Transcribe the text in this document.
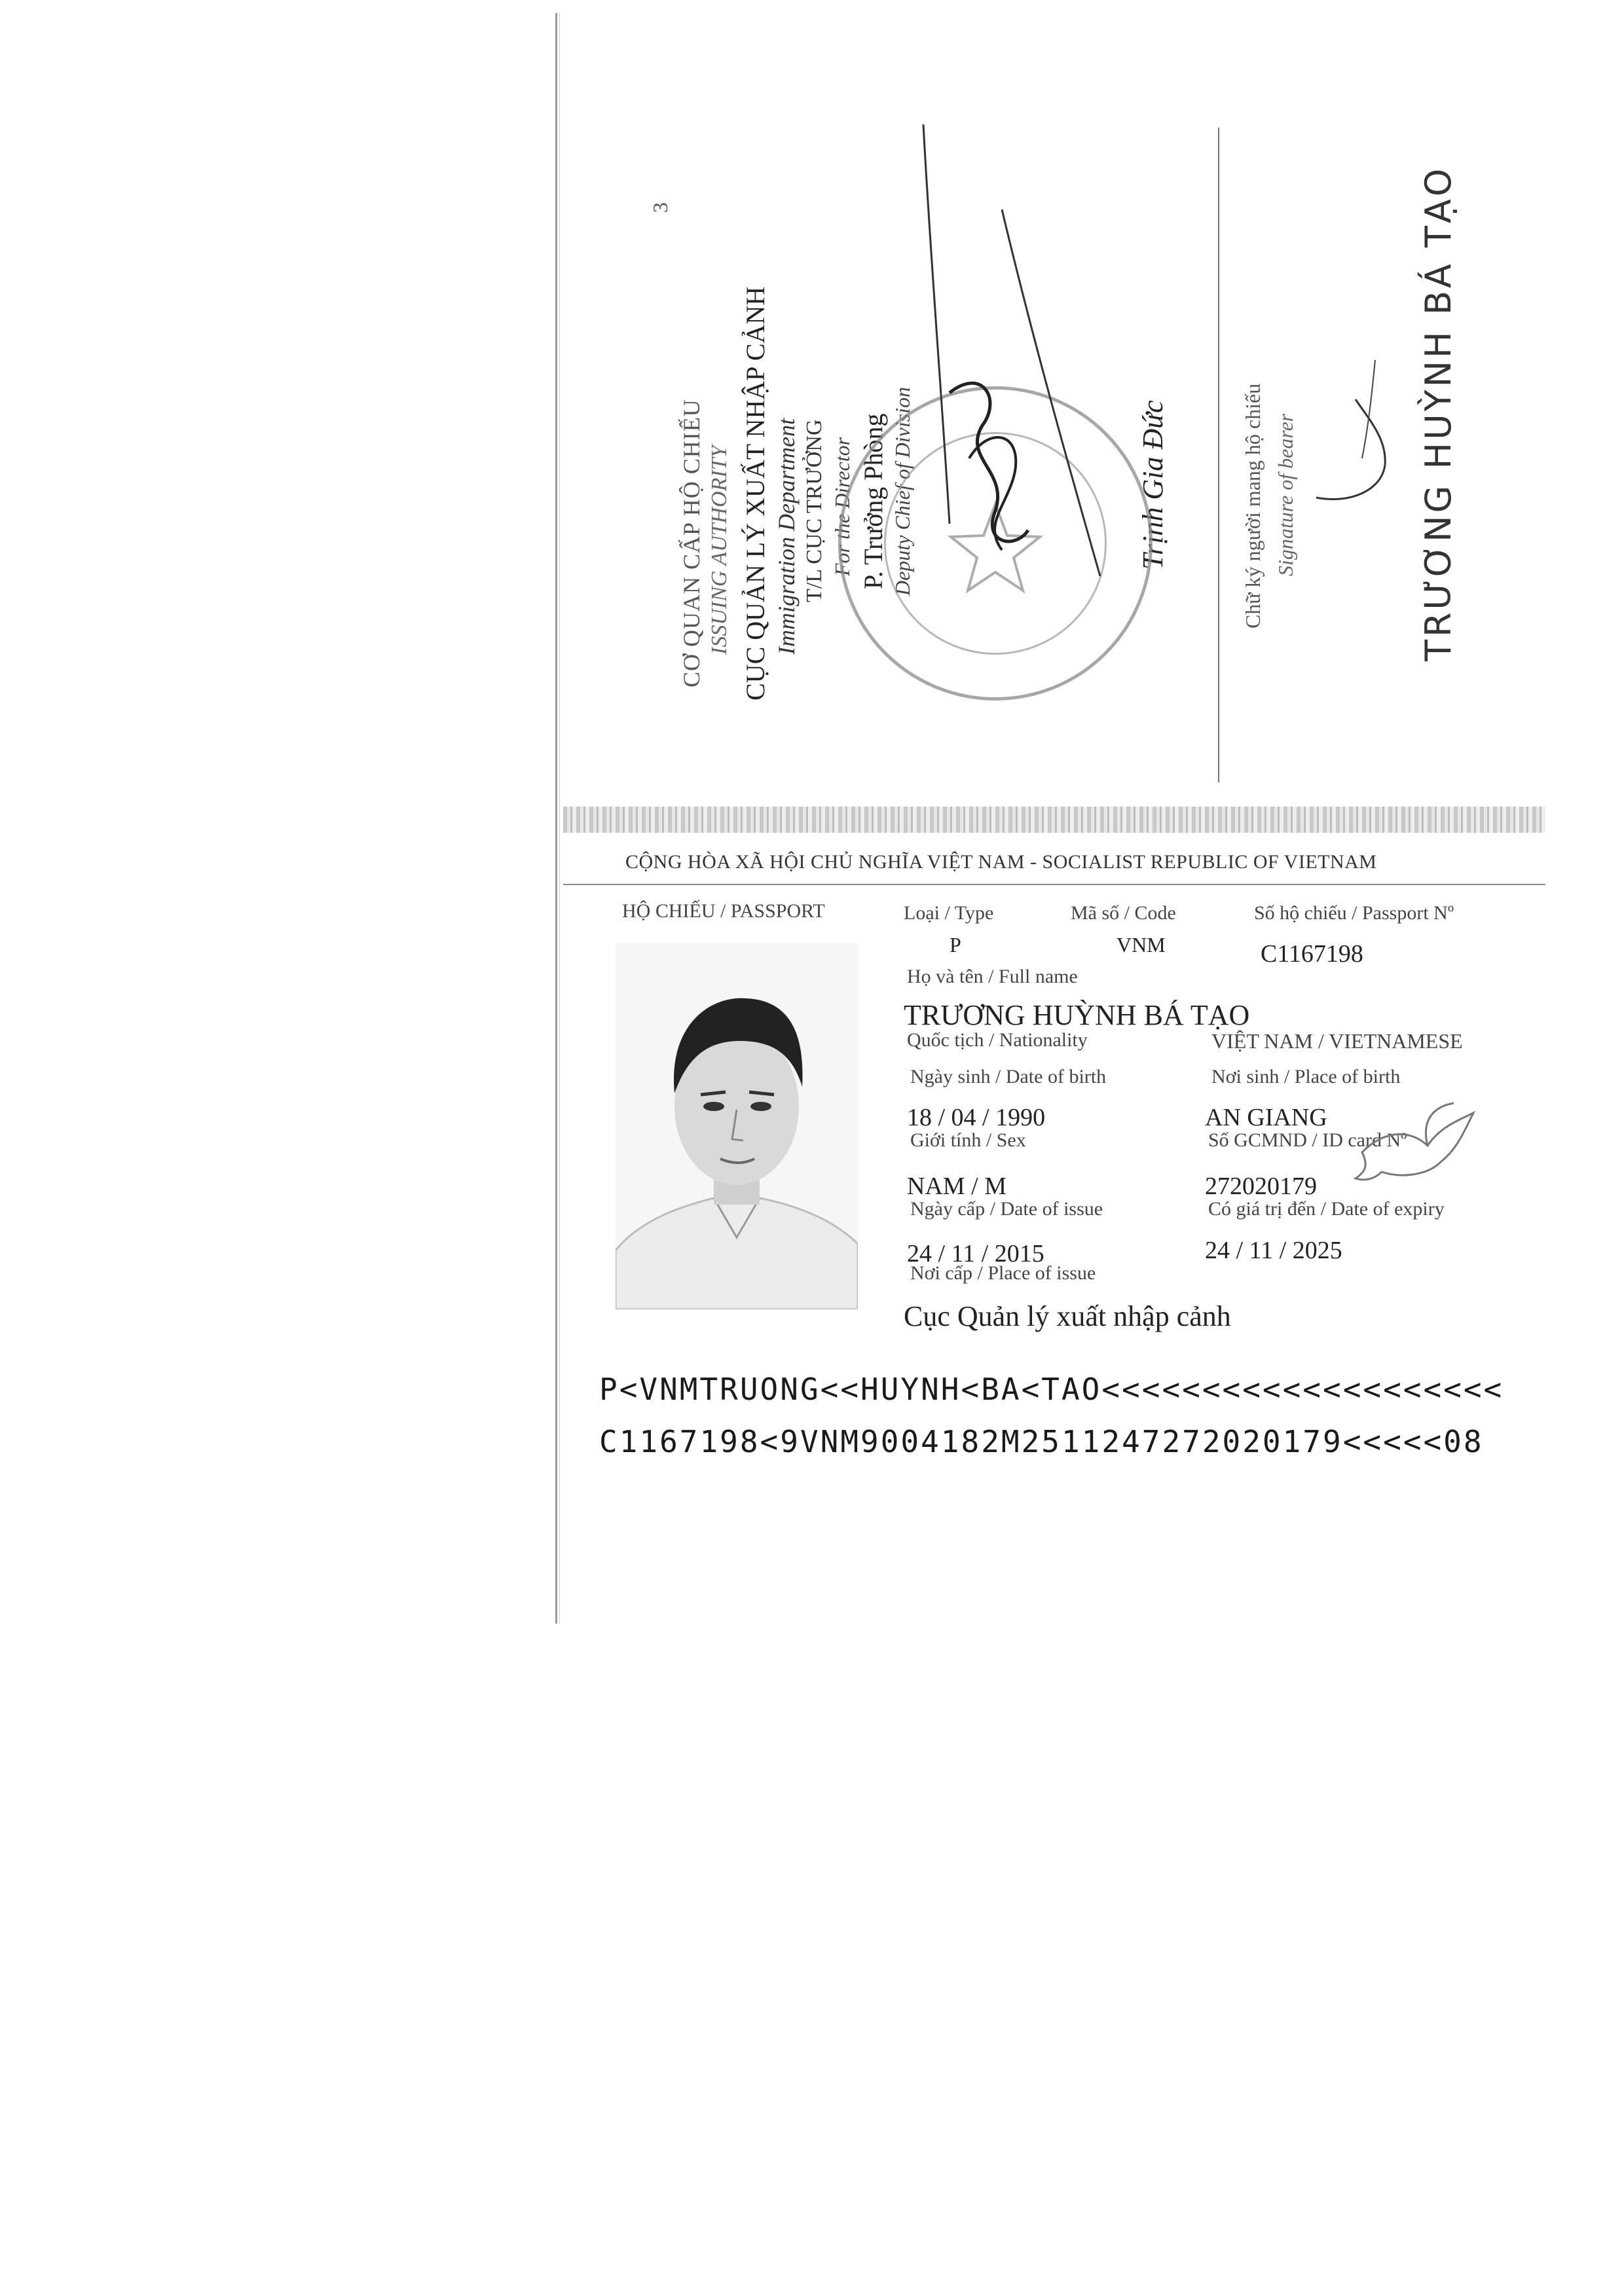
3
CƠ QUAN CẤP HỘ CHIẾU ISSUING AUTHORITY CỤC QUẢN LÝ XUẤT NHẬP CẢNH Immigration Department T/L CỤC TRƯỞNG For the Director P. Trưởng Phòng Deputy Chief of Division	Trịnh Gia Đức	Chữ ký người mang hộ chiếu Signature of bearer	TRƯƠNG HUỲNH BÁ TẠO
CỘNG HÒA XÃ HỘI CHỦ NGHĨA VIỆT NAM - SOCIALIST REPUBLIC OF VIETNAM
HỘ CHIẾU / PASSPORT	Loại / Type	Mã số / Code	Số hộ chiếu / Passport Nº
P	VNM	C1167198
Họ và tên / Full name
TRƯƠNG HUỲNH BÁ TẠO
Quốc tịch / Nationality	VIỆT NAM / VIETNAMESE
Ngày sinh / Date of birth	Nơi sinh / Place of birth
18 / 04 / 1990	AN GIANG
Giới tính / Sex	Số GCMND / ID card Nº
NAM / M	272020179
Ngày cấp / Date of issue	Có giá trị đến / Date of expiry
24 / 11 / 2015	24 / 11 / 2025
Nơi cấp / Place of issue
Cục Quản lý xuất nhập cảnh
P<VNMTRUONG<<HUYNH<BA<TAO<<<<<<<<<<<<<<<<<<<<
C1167198<9VNM9004182M2511247272020179<<<<<08
